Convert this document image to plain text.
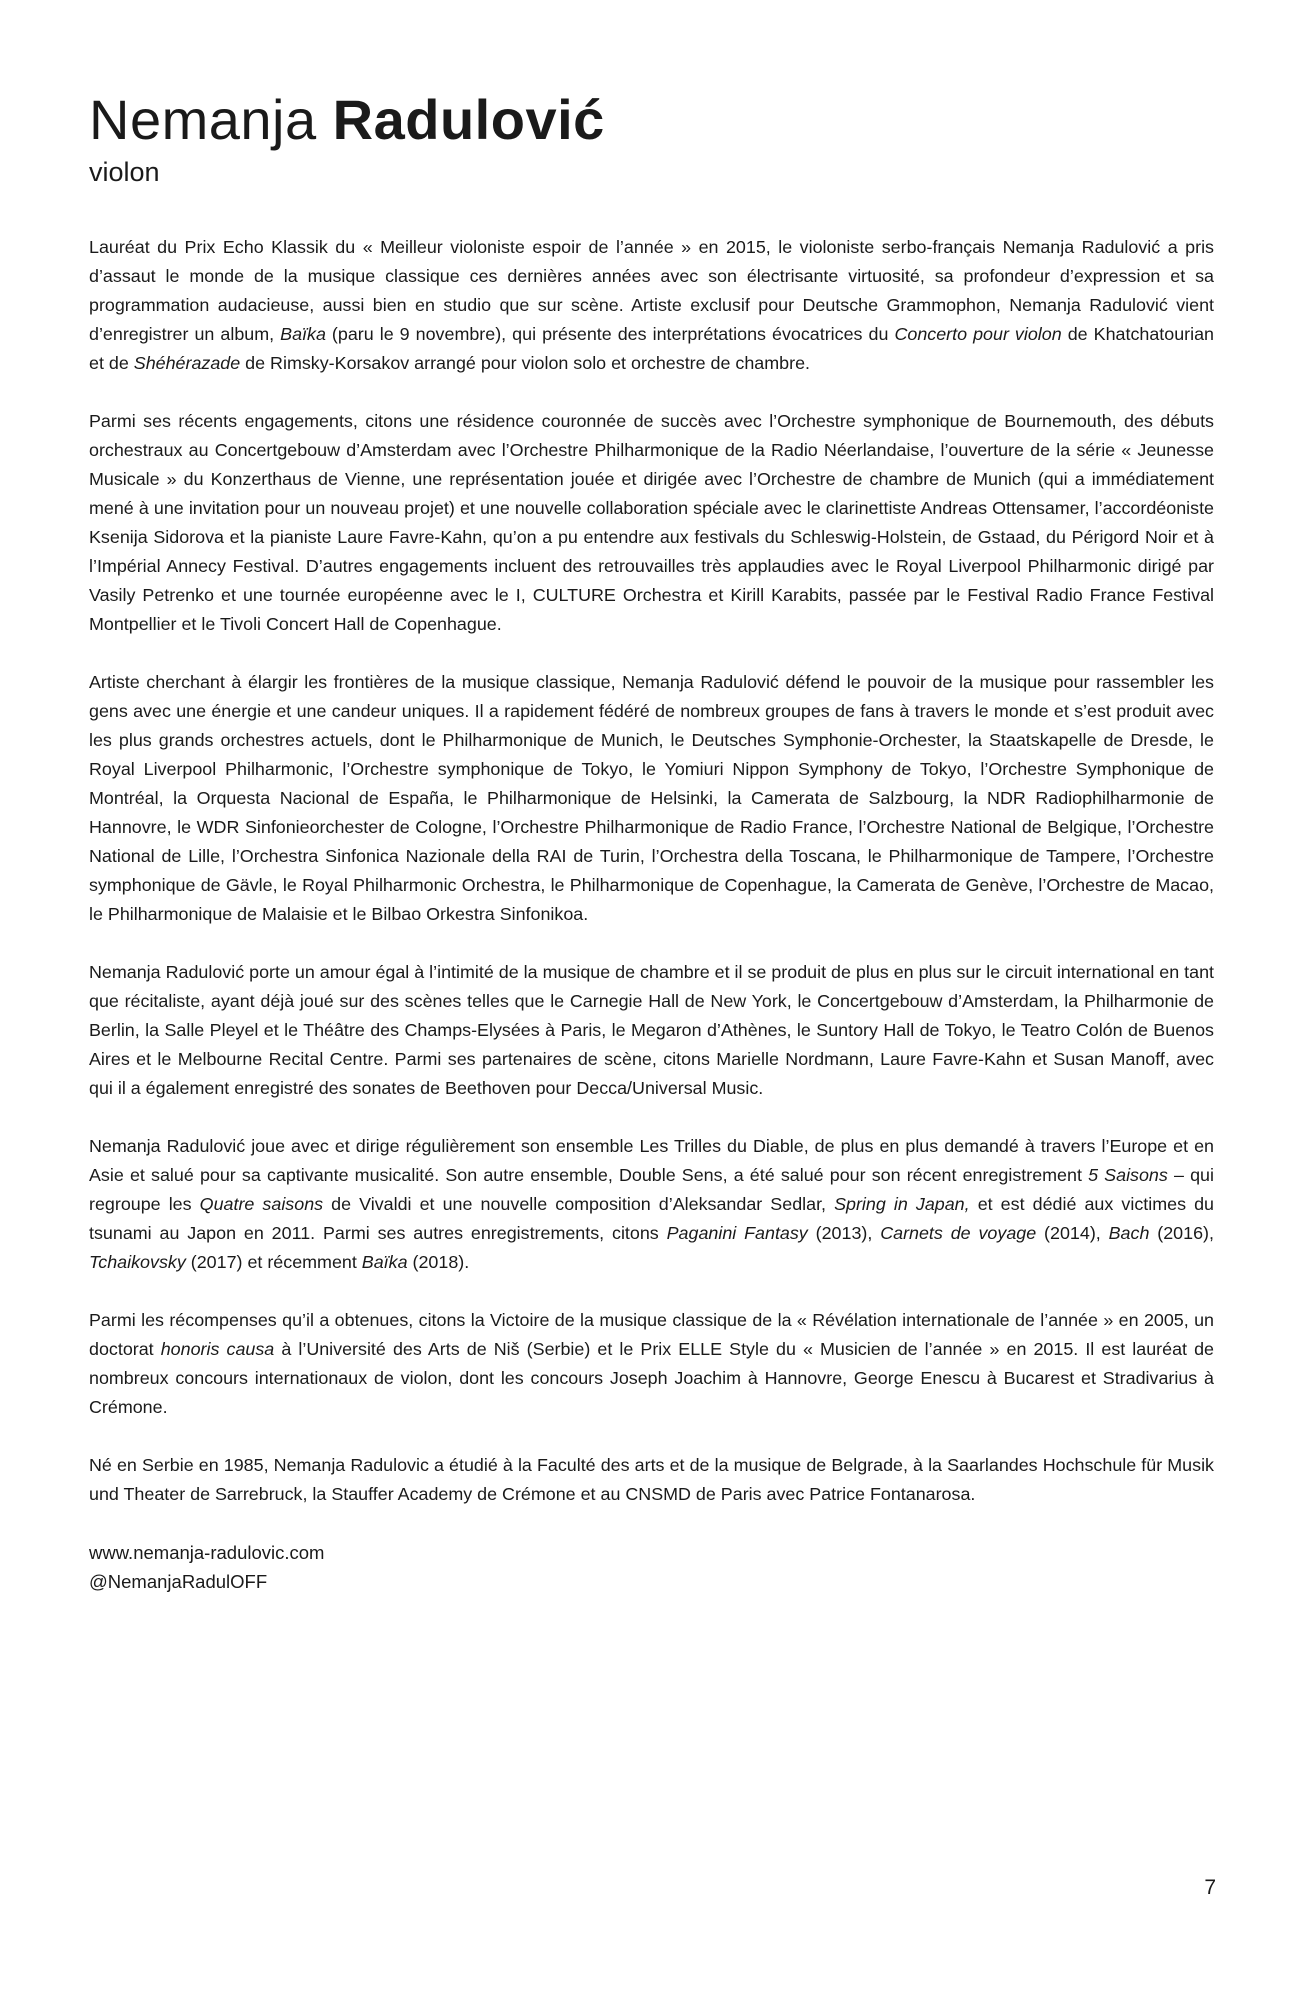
Nemanja Radulović
violon

Lauréat du Prix Echo Klassik du « Meilleur violoniste espoir de l’année » en 2015, le violoniste serbo-français Nemanja Radulović a pris d’assaut le monde de la musique classique ces dernières années avec son électrisante virtuosité, sa profondeur d’expression et sa programmation audacieuse, aussi bien en studio que sur scène. Artiste exclusif pour Deutsche Grammophon, Nemanja Radulović vient d’enregistrer un album, Baïka (paru le 9 novembre), qui présente des interprétations évocatrices du Concerto pour violon de Khatchatourian et de Shéhérazade de Rimsky-Korsakov arrangé pour violon solo et orchestre de chambre.

Parmi ses récents engagements, citons une résidence couronnée de succès avec l’Orchestre symphonique de Bournemouth, des débuts orchestraux au Concertgebouw d’Amsterdam avec l’Orchestre Philharmonique de la Radio Néerlandaise, l’ouverture de la série « Jeunesse Musicale » du Konzerthaus de Vienne, une représentation jouée et dirigée avec l’Orchestre de chambre de Munich (qui a immédiatement mené à une invitation pour un nouveau projet) et une nouvelle collaboration spéciale avec le clarinettiste Andreas Ottensamer, l’accordéoniste Ksenija Sidorova et la pianiste Laure Favre-Kahn, qu’on a pu entendre aux festivals du Schleswig-Holstein, de Gstaad, du Périgord Noir et à l’Impérial Annecy Festival. D’autres engagements incluent des retrouvailles très applaudies avec le Royal Liverpool Philharmonic dirigé par Vasily Petrenko et une tournée européenne avec le I, CULTURE Orchestra et Kirill Karabits, passée par le Festival Radio France Festival Montpellier et le Tivoli Concert Hall de Copenhague.

Artiste cherchant à élargir les frontières de la musique classique, Nemanja Radulović défend le pouvoir de la musique pour rassembler les gens avec une énergie et une candeur uniques. Il a rapidement fédéré de nombreux groupes de fans à travers le monde et s’est produit avec les plus grands orchestres actuels, dont le Philharmonique de Munich, le Deutsches Symphonie-Orchester, la Staatskapelle de Dresde, le Royal Liverpool Philharmonic, l’Orchestre symphonique de Tokyo, le Yomiuri Nippon Symphony de Tokyo, l’Orchestre Symphonique de Montréal, la Orquesta Nacional de España, le Philharmonique de Helsinki, la Camerata de Salzbourg, la NDR Radiophilharmonie de Hannovre, le WDR Sinfonieorchester de Cologne, l’Orchestre Philharmonique de Radio France, l’Orchestre National de Belgique, l’Orchestre National de Lille, l’Orchestra Sinfonica Nazionale della RAI de Turin, l’Orchestra della Toscana, le Philharmonique de Tampere, l’Orchestre symphonique de Gävle, le Royal Philharmonic Orchestra, le Philharmonique de Copenhague, la Camerata de Genève, l’Orchestre de Macao, le Philharmonique de Malaisie et le Bilbao Orkestra Sinfonikoa.

Nemanja Radulović porte un amour égal à l’intimité de la musique de chambre et il se produit de plus en plus sur le circuit international en tant que récitaliste, ayant déjà joué sur des scènes telles que le Carnegie Hall de New York, le Concertgebouw d’Amsterdam, la Philharmonie de Berlin, la Salle Pleyel et le Théâtre des Champs-Elysées à Paris, le Megaron d’Athènes, le Suntory Hall de Tokyo, le Teatro Colón de Buenos Aires et le Melbourne Recital Centre. Parmi ses partenaires de scène, citons Marielle Nordmann, Laure Favre-Kahn et Susan Manoff, avec qui il a également enregistré des sonates de Beethoven pour Decca/Universal Music.

Nemanja Radulović joue avec et dirige régulièrement son ensemble Les Trilles du Diable, de plus en plus demandé à travers l’Europe et en Asie et salué pour sa captivante musicalité. Son autre ensemble, Double Sens, a été salué pour son récent enregistrement 5 Saisons – qui regroupe les Quatre saisons de Vivaldi et une nouvelle composition d’Aleksandar Sedlar, Spring in Japan, et est dédié aux victimes du tsunami au Japon en 2011. Parmi ses autres enregistrements, citons Paganini Fantasy (2013), Carnets de voyage (2014), Bach (2016), Tchaikovsky (2017) et récemment Baïka (2018).

Parmi les récompenses qu’il a obtenues, citons la Victoire de la musique classique de la « Révélation internationale de l’année » en 2005, un doctorat honoris causa à l’Université des Arts de Niš (Serbie) et le Prix ELLE Style du « Musicien de l’année » en 2015. Il est lauréat de nombreux concours internationaux de violon, dont les concours Joseph Joachim à Hannovre, George Enescu à Bucarest et Stradivarius à Crémone.

Né en Serbie en 1985, Nemanja Radulovic a étudié à la Faculté des arts et de la musique de Belgrade, à la Saarlandes Hochschule für Musik und Theater de Sarrebruck, la Stauffer Academy de Crémone et au CNSMD de Paris avec Patrice Fontanarosa.

www.nemanja-radulovic.com
@NemanjaRadulOFF
7
